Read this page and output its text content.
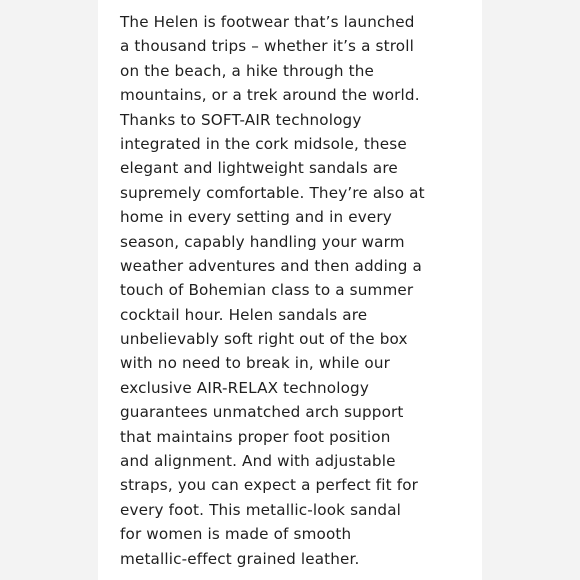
The Helen is footwear that’s launched
a thousand trips – whether it’s a stroll
on the beach, a hike through the
mountains, or a trek around the world.
Thanks to SOFT-AIR technology
integrated in the cork midsole, these
elegant and lightweight sandals are
supremely comfortable. They’re also at
home in every setting and in every
season, capably handling your warm
weather adventures and then adding a
touch of Bohemian class to a summer
cocktail hour. Helen sandals are
unbelievably soft right out of the box
with no need to break in, while our
exclusive AIR-RELAX technology
guarantees unmatched arch support
that maintains proper foot position
and alignment. And with adjustable
straps, you can expect a perfect fit for
every foot. This metallic-look sandal
for women is made of smooth
metallic-effect grained leather.
